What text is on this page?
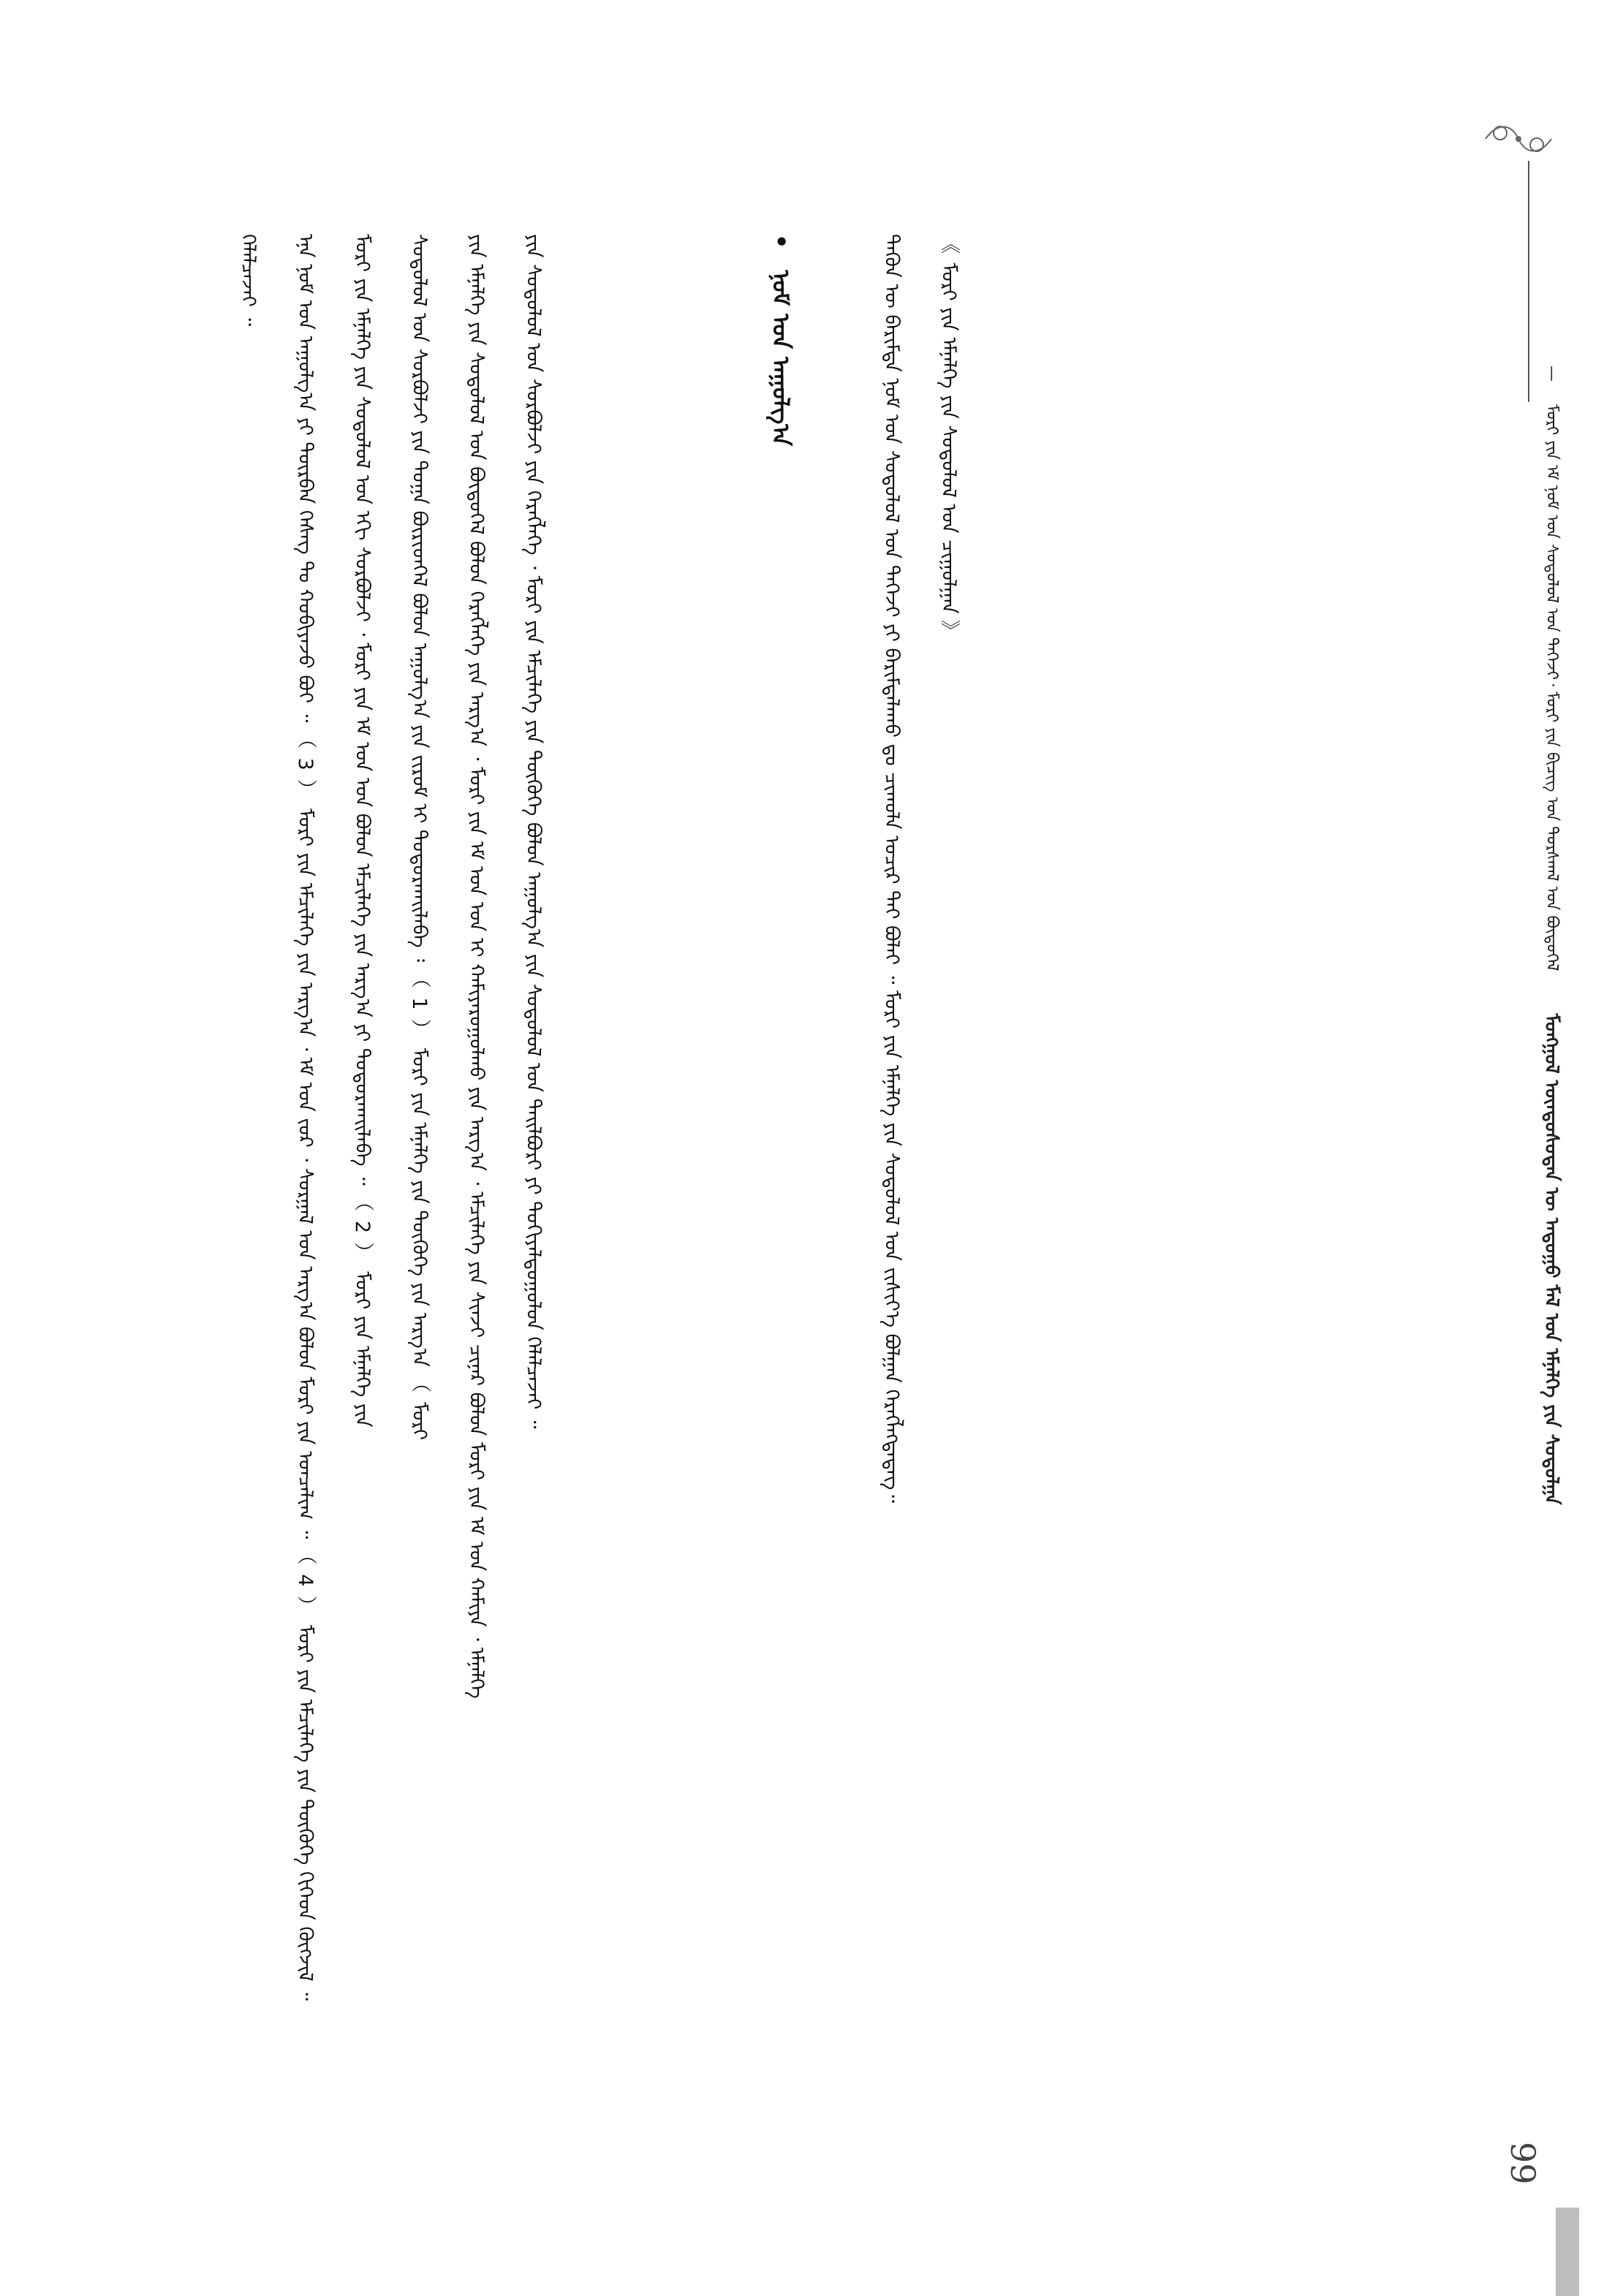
— ᠮᠣᠷᠢ ᠶᠢᠨ ᠡᠮ ᠨᠣᠮ ᠤᠨ ᠰᠤᠳᠤᠯᠤᠯ ᠤᠨ ᠳᠡᠭᠡᠵᠢ᠂ ᠮᠣᠷᠢ ᠶᠢᠨ ᠪᠢᠴᠢᠭ ᠤᠨ ᠳᠤᠷᠰᠬᠠᠯ ᠤᠨ ᠪᠦᠲᠦᠭᠡᠯ 　　 ᠮᠣᠩᠭᠣᠯ ᠦᠨᠳᠦᠰᠦᠲᠡᠨ ᠦ ᠠᠳᠤᠭᠤ ᠮᠠᠯ ᠤᠨ ᠡᠮᠨᠡᠯᠭᠡ ᠶᠢᠨ ᠰᠤᠳᠤᠯᠭᠠ

ᠲᠡᠭᠦᠨ ᠦ ᠪᠠᠷᠢᠮᠲᠠ ᠨᠣᠮ ᠤᠨ ᠰᠤᠳᠤᠯᠤᠯ ᠤᠨ ᠳᠡᠭᠡᠵᠢ ᠶᠢ ᠪᠠᠷᠢᠮᠳᠠᠯᠠᠬᠤ ᠳᠤ ᠴᠢᠬᠤᠯᠠ ᠤᠴᠢᠷ ᠲᠠᠢ ᠪᠣᠯᠠᠢ ᠃ ᠮᠣᠷᠢ ᠶᠢᠨ ᠡᠮᠨᠡᠯᠭᠡ ᠶᠢᠨ ᠰᠤᠳᠤᠯᠤᠯ ᠤᠨ ᠵᠢᠱᠢᠶ᠎ᠡ ᠪᠣᠯᠭᠠᠨ ᠬᠡᠷᠡᠭᠯᠡᠭᠳᠡᠳᠡᠭ᠃	《 ᠮᠣᠷᠢ ᠶᠢᠨ ᠡᠮᠨᠡᠯᠭᠡ ᠶᠢᠨ ᠰᠤᠳᠤᠯᠤᠯ ᠤᠨ ᠴᠢᠭᠤᠯᠭᠠᠨ 》

• ᠨᠣᠮ ᠤᠨ ᠠᠭᠤᠯᠭ᠎ᠠ

ᠬᠡᠯᠡᠯᠴᠡᠵᠡᠢ ᠃	ᠡᠨᠡ ᠨᠣᠮ ᠤᠨ ᠠᠭᠤᠯᠭ᠎ᠠ ᠶᠢ ᠳᠥᠷᠪᠡᠨ ᠬᠡᠰᠡᠭ ᠲᠤ ᠬᠤᠪᠢᠶᠠᠵᠤ ᠪᠣᠢ ᠃ （ 3 ） ᠮᠣᠷᠢ ᠶᠢᠨ ᠡᠮᠴᠢᠯᠡᠭᠡ ᠶᠢᠨ ᠠᠷᠭ᠎ᠠ ᠂ ᠡᠮ ᠤᠨ ᠵᠤᠷ ᠂ ᠰᠤᠷᠭᠠᠯ ᠤᠨ ᠠᠷᠭ᠎ᠠ ᠪᠣᠯᠤᠨ ᠮᠣᠷᠢ ᠶᠢᠨ ᠣᠨᠴᠠᠯᠢᠭ ᠃ （ 4 ） ᠮᠣᠷᠢ ᠶᠢᠨ ᠡᠮᠴᠢᠯᠡᠭᠡ ᠶᠢᠨ ᠲᠦᠭᠦᠬᠡ ᠬᠢᠭᠡᠳ ᠬᠥᠭᠵᠢᠯ ᠃	ᠮᠣᠷᠢ ᠶᠢᠨ ᠡᠮᠨᠡᠯᠭᠡ ᠶᠢᠨ ᠰᠤᠳᠤᠯᠤᠯ ᠤᠨ ᠡᠬᠢ ᠰᠤᠷᠪᠤᠯᠵᠢ ᠂ ᠮᠣᠷᠢ ᠶᠢᠨ ᠡᠮ ᠤᠨ ᠡᠳ ᠪᠣᠯᠤᠨ ᠡᠮᠴᠢᠯᠡᠭᠡ ᠶᠢᠨ ᠠᠷᠭ᠎ᠠ ᠶᠢ ᠲᠣᠳᠣᠷᠬᠠᠢᠯᠠᠪᠠ ᠃ （ 2 ） ᠮᠣᠷᠢ ᠶᠢᠨ ᠡᠮᠨᠡᠯᠭᠡ ᠶᠢᠨ	ᠰᠤᠳᠤᠯᠤᠯ ᠤᠨ ᠰᠤᠷᠪᠤᠯᠵᠢ ᠶᠢᠨ ᠲᠣᠭᠠ ᠪᠦᠷᠢᠳᠬᠡᠯ ᠪᠣᠯᠤᠨ ᠠᠭᠤᠯᠭ᠎ᠠ ᠶᠢᠨ ᠵᠢᠷᠤᠮ ᠢ ᠲᠣᠳᠣᠷᠬᠠᠢᠯᠠᠪᠠ ᠄ （ 1 ） ᠮᠣᠷᠢ ᠶᠢᠨ ᠡᠮᠨᠡᠯᠭᠡ ᠶᠢᠨ ᠲᠦᠭᠦᠬᠡ ᠶᠢᠨ ᠠᠷᠭ᠎ᠠ （ ᠮᠣᠷᠢ	ᠶᠢᠨ ᠡᠮᠨᠡᠯᠭᠡ ᠶᠢᠨ ᠰᠤᠳᠤᠯᠤᠯ ᠤᠨ ᠪᠦᠲᠦᠭᠡᠯ ᠪᠣᠯᠤᠨ ᠬᠡᠷᠡᠭᠯᠡᠭᠡ ᠶᠢᠨ ᠠᠷᠭ᠎ᠠ ᠂ ᠮᠣᠷᠢ ᠶᠢᠨ ᠡᠮ ᠤᠨ ᠡᠳ ᠢ ᠬᠠᠮᠢᠶᠠᠷᠤᠭᠤᠯᠬᠤ ᠶᠢᠨ ᠠᠷᠭ᠎ᠠ ᠂ ᠡᠮᠴᠢᠯᠡᠭᠡ ᠶᠢᠨ ᠰᠢᠨᠵᠢ ᠴᠢᠨᠠᠷ ᠪᠣᠯᠤᠨ ᠮᠣᠷᠢ ᠶᠢᠨ ᠡᠮ ᠤᠨ ᠬᠠᠮᠢᠶᠠ ᠂ ᠡᠮᠨᠡᠯᠭᠡ	ᠶᠢᠨ ᠰᠤᠳᠤᠯᠤᠯ ᠤᠨ ᠰᠤᠷᠪᠤᠯᠵᠢ ᠶᠢᠨ ᠬᠡᠷᠡᠭᠯᠡᠭᠡ ᠂ ᠮᠣᠷᠢ ᠶᠢᠨ ᠡᠮᠴᠢᠯᠡᠭᠡ ᠶᠢᠨ ᠲᠦᠭᠦᠬᠡ ᠪᠣᠯᠤᠨ ᠠᠭᠤᠯᠭ᠎ᠠ ᠶᠢᠨ ᠰᠤᠳᠤᠯᠤᠯ ᠤᠨ ᠲᠠᠢᠯᠪᠤᠷᠢ ᠶᠢ ᠲᠣᠬᠢᠶᠠᠯᠳᠤᠭᠤᠯᠤᠨ ᠬᠡᠯᠡᠯᠴᠡᠵᠡᠢ ᠃

99
